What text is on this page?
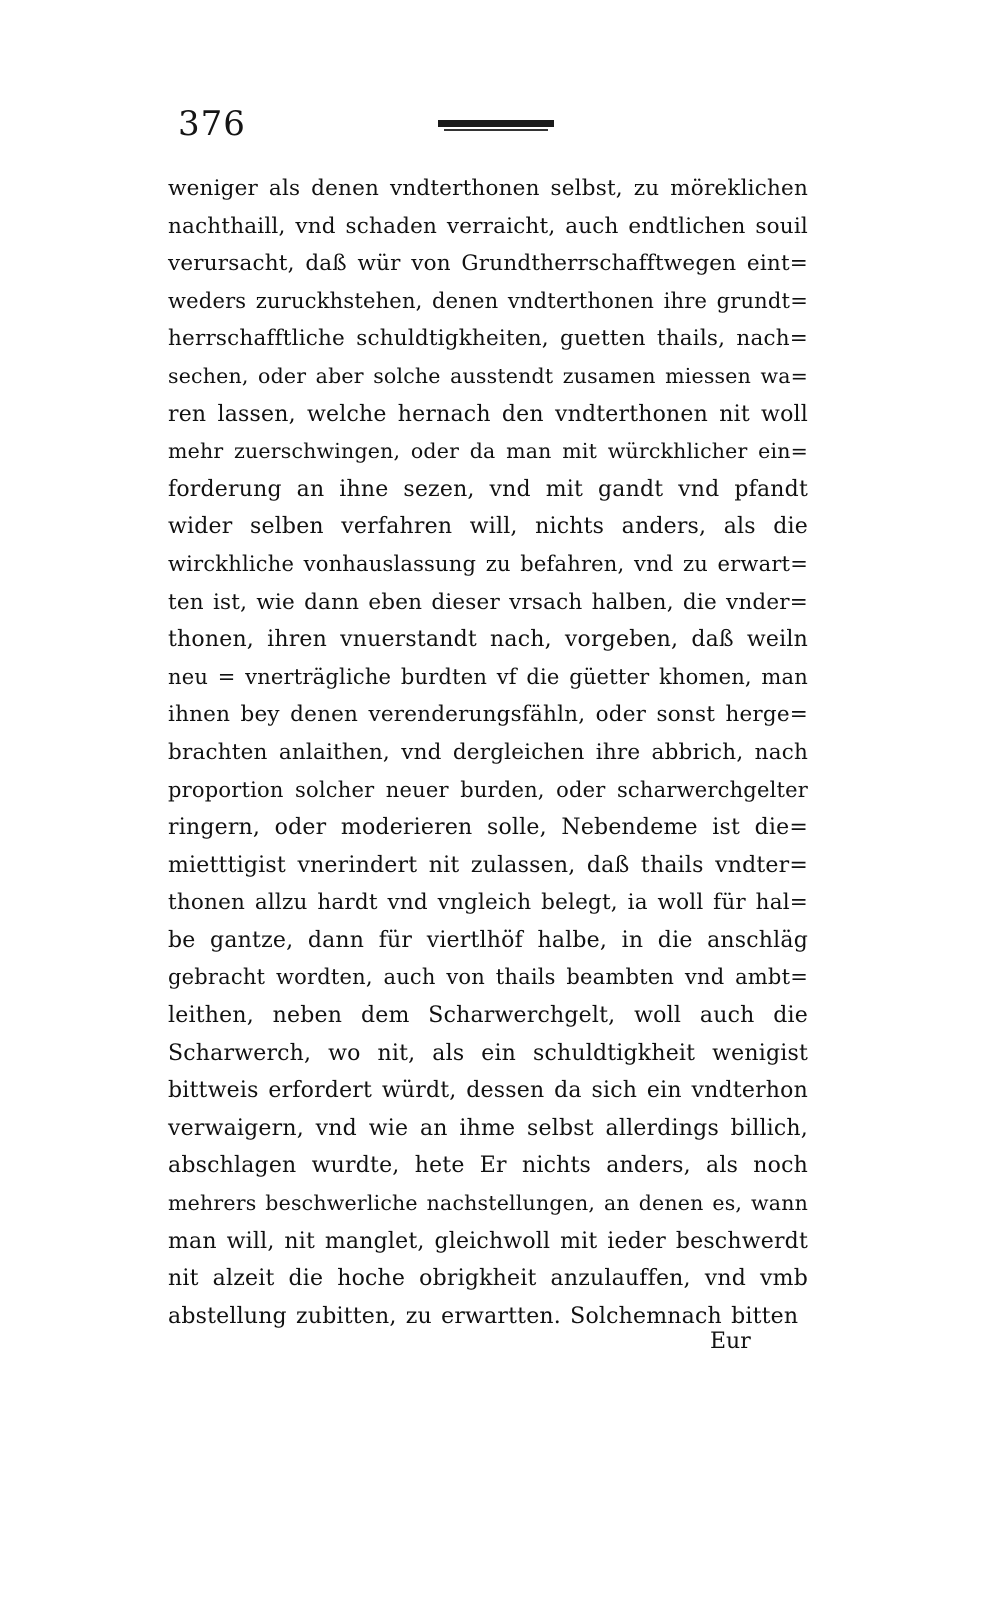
376
weniger als denen vndterthonen selbst, zu möreklichen
nachthaill, vnd schaden verraicht, auch endtlichen souil
verursacht, daß wür von Grundtherrschafftwegen eint=
weders zuruckhstehen, denen vndterthonen ihre grundt=
herrschafftliche schuldtigkheiten, guetten thails, nach=
sechen, oder aber solche ausstendt zusamen miessen wa=
ren lassen, welche hernach den vndterthonen nit woll
mehr zuerschwingen, oder da man mit würckhlicher ein=
forderung an ihne sezen, vnd mit gandt vnd pfandt
wider selben verfahren will, nichts anders, als die
wirckhliche vonhauslassung zu befahren, vnd zu erwart=
ten ist, wie dann eben dieser vrsach halben, die vnder=
thonen, ihren vnuerstandt nach, vorgeben, daß weiln
neu = vnerträgliche burdten vf die güetter khomen, man
ihnen bey denen verenderungsfähln, oder sonst herge=
brachten anlaithen, vnd dergleichen ihre abbrich, nach
proportion solcher neuer burden, oder scharwerchgelter
ringern, oder moderieren solle, Nebendeme ist die=
mietttigist vnerindert nit zulassen, daß thails vndter=
thonen allzu hardt vnd vngleich belegt, ia woll für hal=
be gantze, dann für viertlhöf halbe, in die anschläg
gebracht wordten, auch von thails beambten vnd ambt=
leithen, neben dem Scharwerchgelt, woll auch die
Scharwerch, wo nit, als ein schuldtigkheit wenigist
bittweis erfordert würdt, dessen da sich ein vndterhon
verwaigern, vnd wie an ihme selbst allerdings billich,
abschlagen wurdte, hete Er nichts anders, als noch
mehrers beschwerliche nachstellungen, an denen es, wann
man will, nit manglet, gleichwoll mit ieder beschwerdt
nit alzeit die hoche obrigkheit anzulauffen, vnd vmb
abstellung zubitten, zu erwartten. Solchemnach bitten
Eur
